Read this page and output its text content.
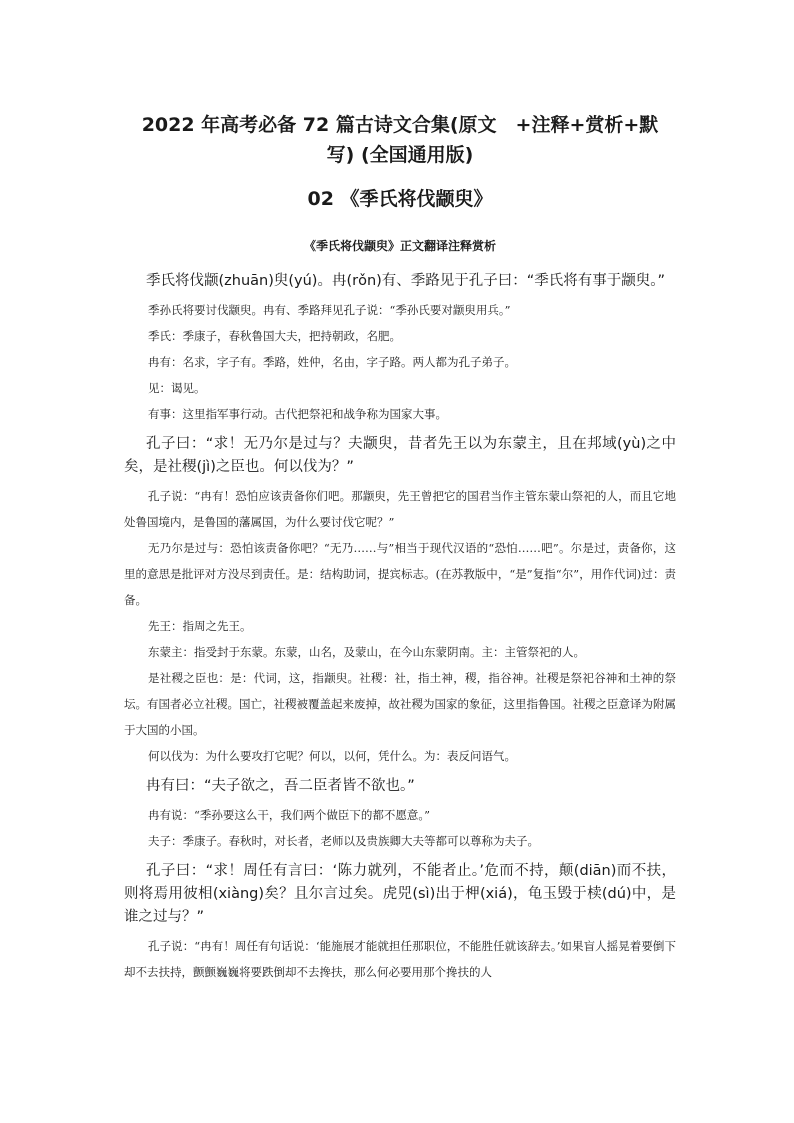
2022 年高考必备 72 篇古诗文合集(原文　+注释+赏析+默写) (全国通用版)
02 《季氏将伐颛臾》
《季氏将伐颛臾》正文翻译注释赏析

季氏将伐颛(zhuān)臾(yú)。冉(rǒn)有、季路见于孔子曰：“季氏将有事于颛臾。”

季孙氏将要讨伐颛臾。冉有、季路拜见孔子说：“季孙氏要对颛臾用兵。”

季氏：季康子，春秋鲁国大夫，把持朝政，名肥。

冉有：名求，字子有。季路，姓仲，名由，字子路。两人都为孔子弟子。

见：谒见。

有事：这里指军事行动。古代把祭祀和战争称为国家大事。

孔子曰：“求！无乃尔是过与？夫颛臾，昔者先王以为东蒙主，且在邦域(yù)之中矣，是社稷(jì)之臣也。何以伐为？”

孔子说：“冉有！恐怕应该责备你们吧。那颛臾，先王曾把它的国君当作主管东蒙山祭祀的人，而且它地处鲁国境内，是鲁国的藩属国，为什么要讨伐它呢？”

无乃尔是过与：恐怕该责备你吧？“无乃……与”相当于现代汉语的“恐怕……吧”。尔是过，责备你，这里的意思是批评对方没尽到责任。是：结构助词，提宾标志。(在苏教版中，“是”复指“尔”，用作代词)过：责备。

先王：指周之先王。

东蒙主：指受封于东蒙。东蒙，山名，及蒙山，在今山东蒙阴南。主：主管祭祀的人。

是社稷之臣也：是：代词，这，指颛臾。社稷：社，指土神，稷，指谷神。社稷是祭祀谷神和土神的祭坛。有国者必立社稷。国亡，社稷被覆盖起来废掉，故社稷为国家的象征，这里指鲁国。社稷之臣意译为附属于大国的小国。

何以伐为：为什么要攻打它呢？何以，以何，凭什么。为：表反问语气。

冉有曰：“夫子欲之，吾二臣者皆不欲也。”

冉有说：“季孙要这么干，我们两个做臣下的都不愿意。”

夫子：季康子。春秋时，对长者，老师以及贵族卿大夫等都可以尊称为夫子。

孔子曰：“求！周任有言曰：‘陈力就列，不能者止。’危而不持，颠(diān)而不扶，则将焉用彼相(xiàng)矣？且尔言过矣。虎兕(sì)出于柙(xiá)，龟玉毁于椟(dú)中，是谁之过与？”

孔子说：“冉有！周任有句话说：‘能施展才能就担任那职位，不能胜任就该辞去。’如果盲人摇晃着要倒下却不去扶持，颤颤巍巍将要跌倒却不去搀扶，那么何必要用那个搀扶的人
